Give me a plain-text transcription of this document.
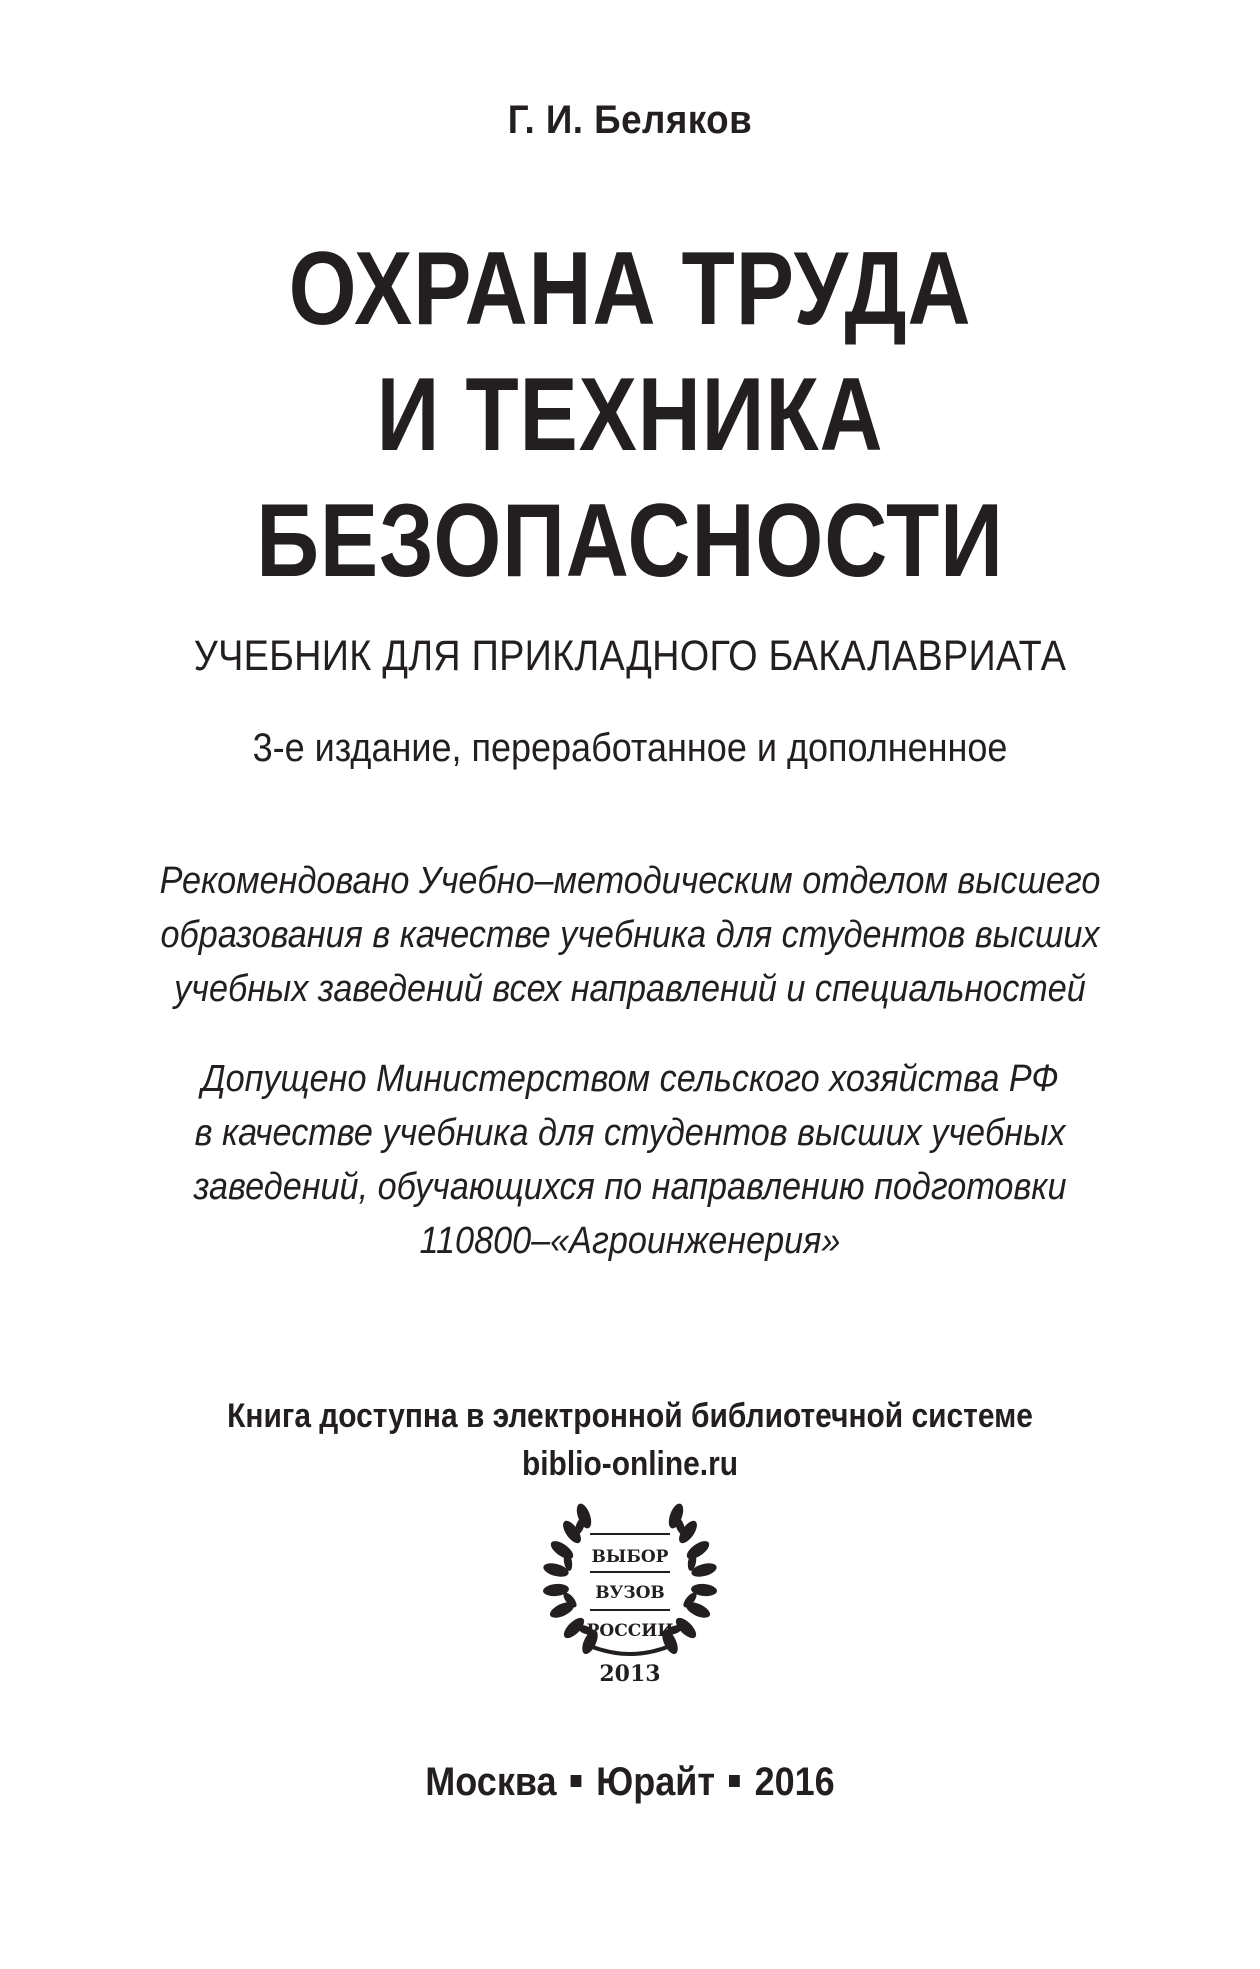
Г. И. Беляков
ОХРАНА ТРУДА
И ТЕХНИКА
БЕЗОПАСНОСТИ
УЧЕБНИК ДЛЯ ПРИКЛАДНОГО БАКАЛАВРИАТА
3-е издание, переработанное и дополненное
Рекомендовано Учебно–методическим отделом высшего
образования в качестве учебника для студентов высших
учебных заведений всех направлений и специальностей
Допущено Министерством сельского хозяйства РФ
в качестве учебника для студентов высших учебных
заведений, обучающихся по направлению подготовки
110800–«Агроинженерия»
Книга доступна в электронной библиотечной системе
biblio-online.ru
ВЫБОР
ВУЗОВ
РОССИИ
2013
Москва Юрайт 2016
